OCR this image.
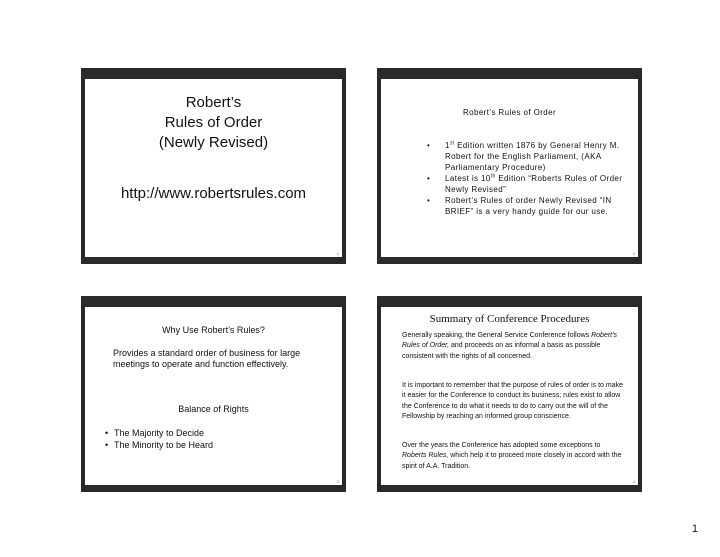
Robert’s
Rules of Order
(Newly Revised)
http://www.robertsrules.com
1
Robert’s Rules of Order
• 1st Edition written 1876 by General Henry M. Robert for the English Parliament, (AKA Parliamentary Procedure)
• Latest is 10th Edition “Roberts Rules of Order Newly Revised”
• Robert’s Rules of order Newly Revised “IN BRIEF” is a very handy guide for our use.
2
Why Use Robert’s Rules?
Provides a standard order of business for large meetings to operate and function effectively.
Balance of Rights
• The Majority to Decide
• The Minority to be Heard
3
Summary of Conference Procedures
Generally speaking, the General Service Conference follows Robert's Rules of Order, and proceeds on as informal a basis as possible consistent with the rights of all concerned.
It is important to remember that the purpose of rules of order is to make it easier for the Conference to conduct its business; rules exist to allow the Conference to do what it needs to do to carry out the will of the Fellowship by reaching an informed group conscience.
Over the years the Conference has adopted some exceptions to Roberts Rules, which help it to proceed more closely in accord with the spirit of A.A. Tradition.
4
1
